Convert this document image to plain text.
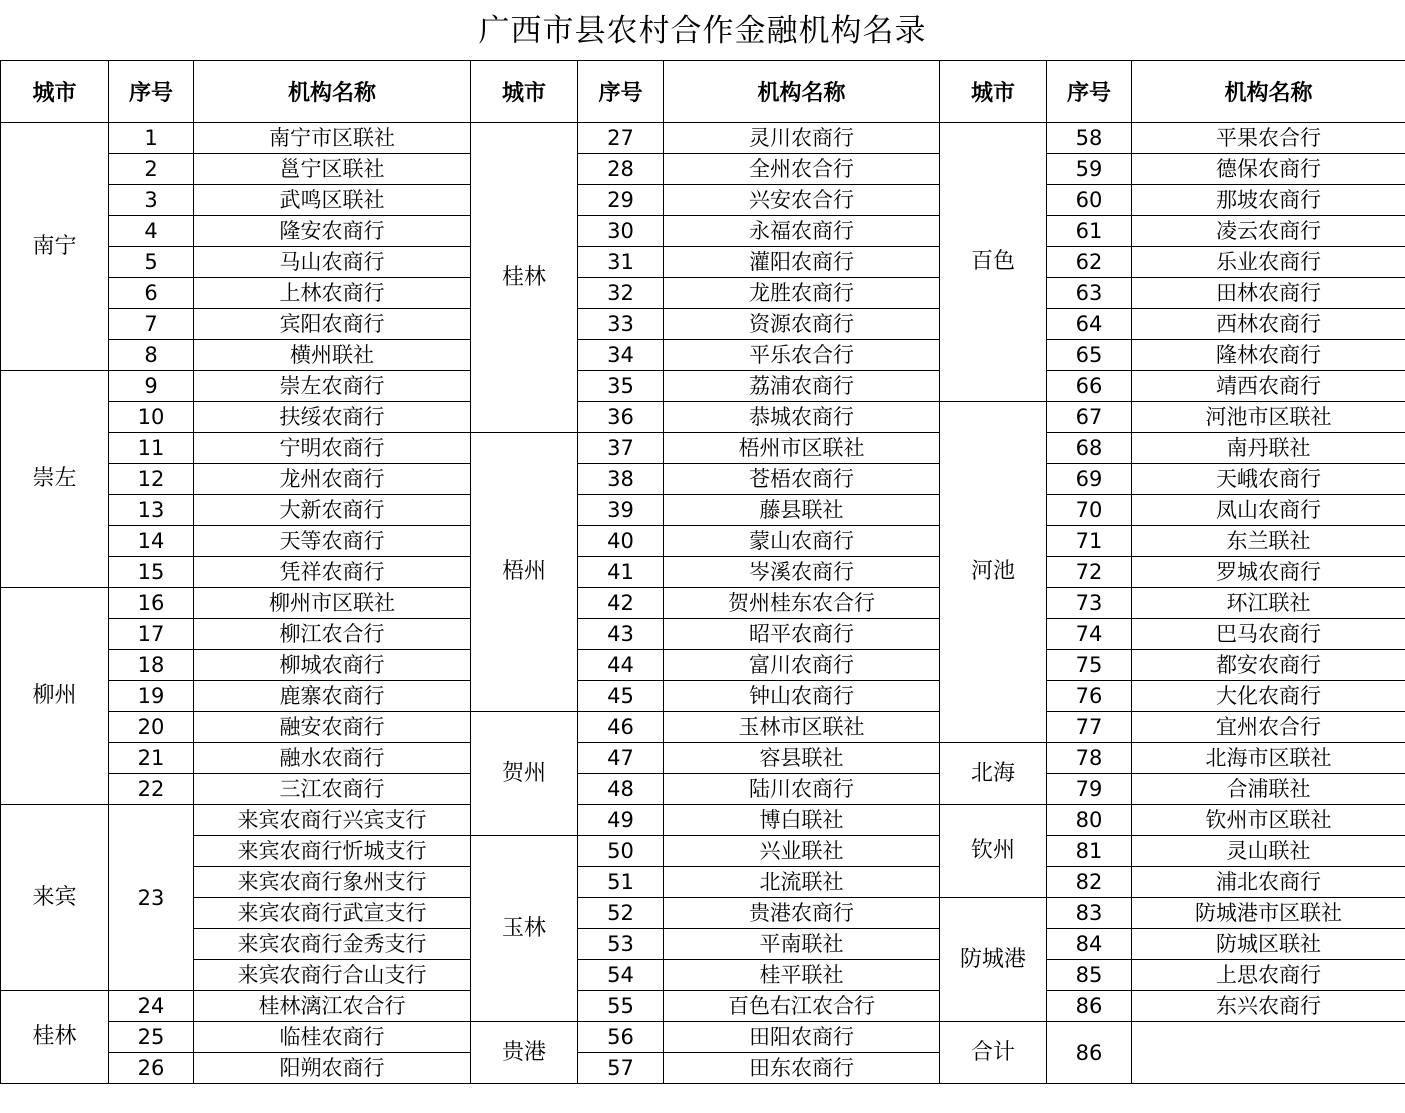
广西市县农村合作金融机构名录
城市	序号	机构名称	城市	序号	机构名称	城市	序号	机构名称
南宁	1	南宁市区联社	桂林	27	灵川农商行	百色	58	平果农合行
	2	邕宁区联社		28	全州农合行		59	德保农商行
	3	武鸣区联社		29	兴安农合行		60	那坡农商行
	4	隆安农商行		30	永福农商行		61	凌云农商行
	5	马山农商行		31	灌阳农商行		62	乐业农商行
	6	上林农商行		32	龙胜农商行		63	田林农商行
	7	宾阳农商行		33	资源农商行		64	西林农商行
	8	横州联社		34	平乐农合行		65	隆林农商行
崇左	9	崇左农商行		35	荔浦农商行		66	靖西农商行
	10	扶绥农商行		36	恭城农商行	河池	67	河池市区联社
	11	宁明农商行	梧州	37	梧州市区联社		68	南丹联社
	12	龙州农商行		38	苍梧农商行		69	天峨农商行
	13	大新农商行		39	藤县联社		70	凤山农商行
	14	天等农商行		40	蒙山农商行		71	东兰联社
	15	凭祥农商行		41	岑溪农商行		72	罗城农商行
柳州	16	柳州市区联社		42	贺州桂东农合行		73	环江联社
	17	柳江农合行		43	昭平农商行		74	巴马农商行
	18	柳城农商行		44	富川农商行		75	都安农商行
	19	鹿寨农商行		45	钟山农商行		76	大化农商行
	20	融安农商行	贺州	46	玉林市区联社		77	宜州农合行
	21	融水农商行		47	容县联社	北海	78	北海市区联社
	22	三江农商行		48	陆川农商行		79	合浦联社
来宾	23	来宾农商行兴宾支行		49	博白联社	钦州	80	钦州市区联社
		来宾农商行忻城支行	玉林	50	兴业联社		81	灵山联社
		来宾农商行象州支行		51	北流联社		82	浦北农商行
		来宾农商行武宣支行		52	贵港农商行	防城港	83	防城港市区联社
		来宾农商行金秀支行		53	平南联社		84	防城区联社
		来宾农商行合山支行		54	桂平联社		85	上思农商行
桂林	24	桂林漓江农合行		55	百色右江农合行		86	东兴农商行
	25	临桂农商行	贵港	56	田阳农商行	合计	86	
	26	阳朔农商行		57	田东农商行			
